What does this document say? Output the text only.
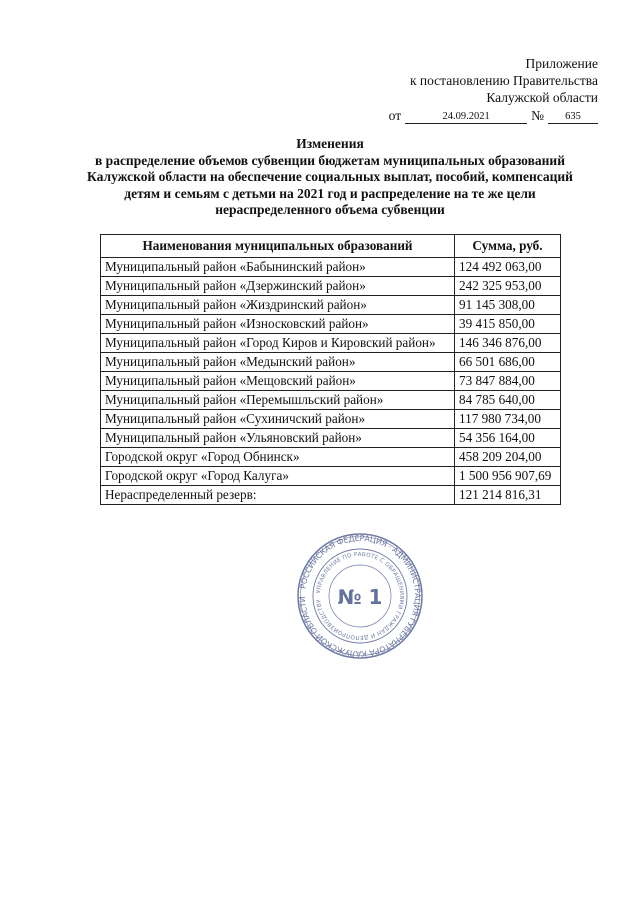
Приложение
к постановлению Правительства
Калужской области
от	24.09.2021	№	635
Изменения
в распределение объемов субвенции бюджетам муниципальных образований
Калужской области на обеспечение социальных выплат, пособий, компенсаций
детям и семьям с детьми на 2021 год и распределение на те же цели
нераспределенного объема субвенции
Наименования муниципальных образований	Сумма, руб.
Муниципальный район «Бабынинский район»	124 492 063,00
Муниципальный район «Дзержинский район»	242 325 953,00
Муниципальный район «Жиздринский район»	91 145 308,00
Муниципальный район «Износковский район»	39 415 850,00
Муниципальный район «Город Киров и Кировский район»	146 346 876,00
Муниципальный район «Медынский район»	66 501 686,00
Муниципальный район «Мещовский район»	73 847 884,00
Муниципальный район «Перемышльский район»	84 785 640,00
Муниципальный район «Сухиничский район»	117 980 734,00
Муниципальный район «Ульяновский район»	54 356 164,00
Городской округ «Город Обнинск»	458 209 204,00
Городской округ «Город Калуга»	1 500 956 907,69
Нераспределенный резерв:	121 214 816,31
РОССИЙСКАЯ ФЕДЕРАЦИЯ · АДМИНИСТРАЦИЯ ГУБЕРНАТОРА КАЛУЖСКОЙ ОБЛАСТИ
УПРАВЛЕНИЕ ПО РАБОТЕ С ОБРАЩЕНИЯМИ ГРАЖДАН И ДЕЛОПРОИЗВОДСТВУ № 1
